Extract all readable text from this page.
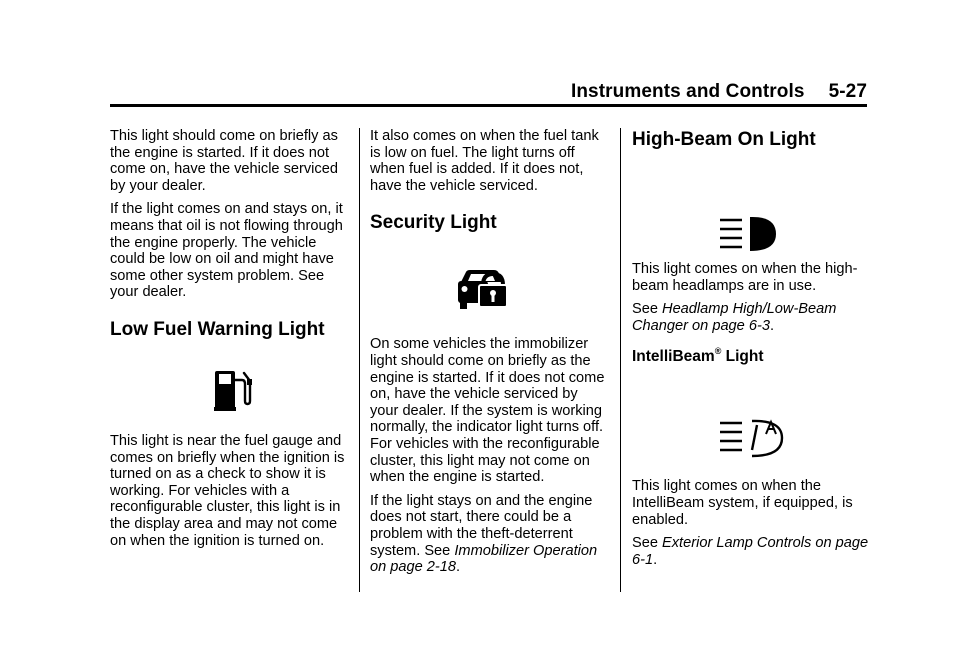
Instruments and Controls 5-27

This light should come on briefly as the engine is started. If it does not come on, have the vehicle serviced by your dealer.

If the light comes on and stays on, it means that oil is not flowing through the engine properly. The vehicle could be low on oil and might have some other system problem. See your dealer.

Low Fuel Warning Light

This light is near the fuel gauge and comes on briefly when the ignition is turned on as a check to show it is working. For vehicles with a reconfigurable cluster, this light is in the display area and may not come on when the ignition is turned on.

It also comes on when the fuel tank is low on fuel. The light turns off when fuel is added. If it does not, have the vehicle serviced.

Security Light

On some vehicles the immobilizer light should come on briefly as the engine is started. If it does not come on, have the vehicle serviced by your dealer. If the system is working normally, the indicator light turns off. For vehicles with the reconfigurable cluster, this light may not come on when the engine is started.

If the light stays on and the engine does not start, there could be a problem with the theft-deterrent system. See Immobilizer Operation on page 2-18.

High-Beam On Light

This light comes on when the high-beam headlamps are in use.

See Headlamp High/Low-Beam Changer on page 6-3.

IntelliBeam® Light

This light comes on when the IntelliBeam system, if equipped, is enabled.

See Exterior Lamp Controls on page 6-1.
